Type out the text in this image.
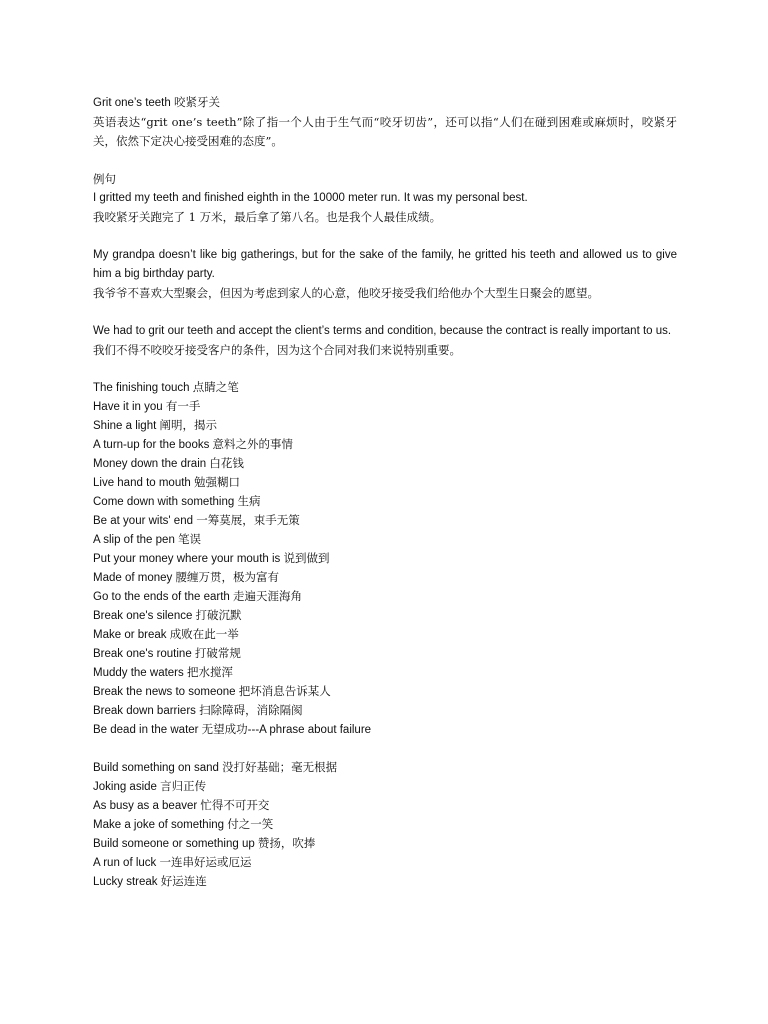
Grit one’s teeth 咬紧牙关
英语表达“grit one’s teeth”除了指一个人由于生气而“咬牙切齿”，还可以指“人们在碰到困难或麻烦时，咬紧牙关，依然下定决心接受困难的态度”。
例句
I gritted my teeth and finished eighth in the 10000 meter run. It was my personal best.
我咬紧牙关跑完了 1 万米，最后拿了第八名。也是我个人最佳成绩。
My grandpa doesn’t like big gatherings, but for the sake of the family, he gritted his teeth and allowed us to give him a big birthday party.
我爷爷不喜欢大型聚会，但因为考虑到家人的心意，他咬牙接受我们给他办个大型生日聚会的愿望。
We had to grit our teeth and accept the client’s terms and condition, because the contract is really important to us.
我们不得不咬咬牙接受客户的条件，因为这个合同对我们来说特别重要。
The finishing touch 点睛之笔
Have it in you 有一手
Shine a light 阐明，揭示
A turn-up for the books 意料之外的事情
Money down the drain 白花钱
Live hand to mouth 勉强糊口
Come down with something 生病
Be at your wits' end 一筹莫展，束手无策
A slip of the pen 笔误
Put your money where your mouth is 说到做到
Made of money 腰缠万贯，极为富有
Go to the ends of the earth 走遍天涯海角
Break one's silence 打破沉默
Make or break 成败在此一举
Break one's routine 打破常规
Muddy the waters 把水搅浑
Break the news to someone 把坏消息告诉某人
Break down barriers 扫除障碍，消除隔阂
Be dead in the water 无望成功---A phrase about failure
Build something on sand 没打好基础；毫无根据
Joking aside 言归正传
As busy as a beaver 忙得不可开交
Make a joke of something 付之一笑
Build someone or something up 赞扬，吹捧
A run of luck 一连串好运或厄运
Lucky streak 好运连连
